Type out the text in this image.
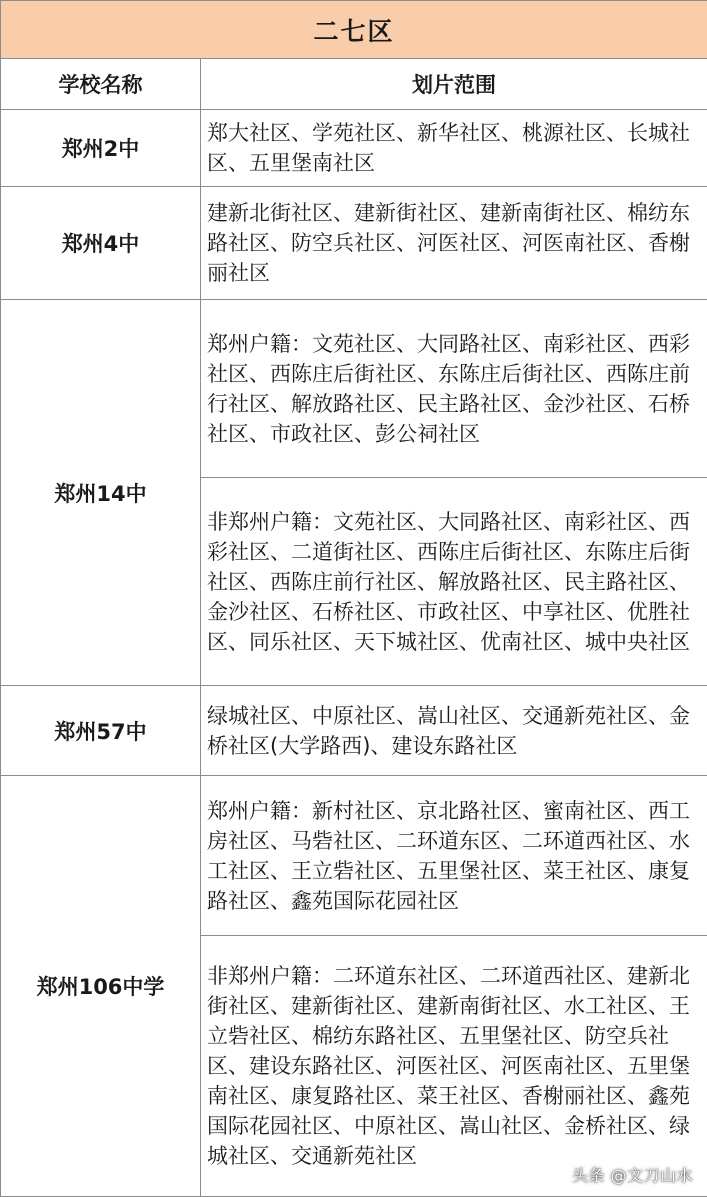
二七区	
学校名称	划片范围
郑州2中	郑大社区、学苑社区、新华社区、桃源社区、长城社区、五里堡南社区
郑州4中	建新北街社区、建新街社区、建新南街社区、棉纺东路社区、防空兵社区、河医社区、河医南社区、香榭丽社区
郑州14中	郑州户籍：文苑社区、大同路社区、南彩社区、西彩社区、西陈庄后街社区、东陈庄后街社区、西陈庄前行社区、解放路社区、民主路社区、金沙社区、石桥社区、市政社区、彭公祠社区
	非郑州户籍：文苑社区、大同路社区、南彩社区、西彩社区、二道街社区、西陈庄后街社区、东陈庄后街社区、西陈庄前行社区、解放路社区、民主路社区、金沙社区、石桥社区、市政社区、中享社区、优胜社区、同乐社区、天下城社区、优南社区、城中央社区
郑州57中	绿城社区、中原社区、嵩山社区、交通新苑社区、金桥社区(大学路西)、建设东路社区
郑州106中学	郑州户籍：新村社区、京北路社区、蜜南社区、西工房社区、马砦社区、二环道东区、二环道西社区、水工社区、王立砦社区、五里堡社区、菜王社区、康复路社区、鑫苑国际花园社区
	非郑州户籍：二环道东社区、二环道西社区、建新北街社区、建新街社区、建新南街社区、水工社区、王立砦社区、棉纺东路社区、五里堡社区、防空兵社区、建设东路社区、河医社区、河医南社区、五里堡南社区、康复路社区、菜王社区、香榭丽社区、鑫苑国际花园社区、中原社区、嵩山社区、金桥社区、绿城社区、交通新苑社区
头条 @文刀山水
